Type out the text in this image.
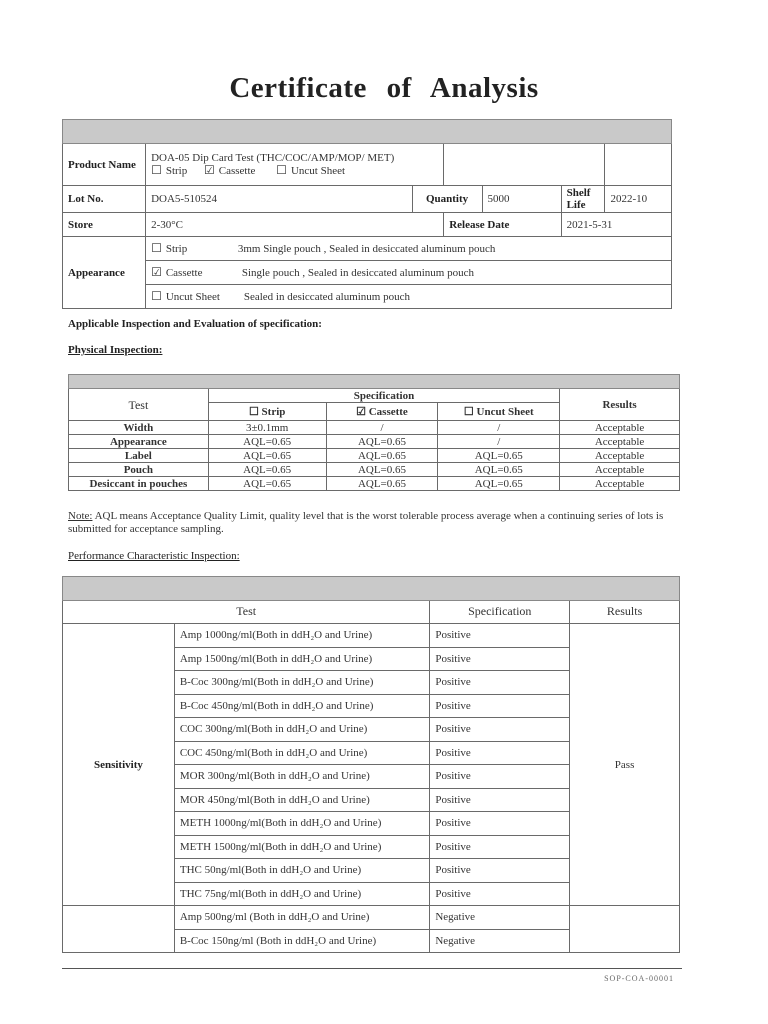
Certificate of Analysis

Product Name	DOA-05 Dip Card Test (THC/COC/AMP/MOP/ MET)
☐ Strip ☑ Cassette ☐ Uncut Sheet					

Lot No.	DOA5-510524	Quantity		5000	Shelf Life	2022-10
Store	2-30°C		Release Date		2021-5-31	
Appearance	☐ Strip 3mm Single pouch , Sealed in desiccated aluminum pouch					
	☑ Cassette Single pouch , Sealed in desiccated aluminum pouch					
	☐ Uncut Sheet Sealed in desiccated aluminum pouch					
Applicable Inspection and Evaluation of specification:
Physical Inspection:

Test	Specification			Results
	☐ Strip	☑ Cassette	☐ Uncut Sheet	
Width	3±0.1mm	/	/	Acceptable
Appearance	AQL=0.65	AQL=0.65	/	Acceptable
Label	AQL=0.65	AQL=0.65	AQL=0.65	Acceptable
Pouch	AQL=0.65	AQL=0.65	AQL=0.65	Acceptable
Desiccant in pouches	AQL=0.65	AQL=0.65	AQL=0.65	Acceptable
Note: AQL means Acceptance Quality Limit, quality level that is the worst tolerable process average when a continuing series of lots is submitted for acceptance sampling.
Performance Characteristic Inspection:

Test		Specification	Results
Sensitivity	Amp 1000ng/ml(Both in ddH₂O and Urine)	Positive	Pass
	Amp 1500ng/ml(Both in ddH₂O and Urine)	Positive	
	B-Coc 300ng/ml(Both in ddH₂O and Urine)	Positive	
	B-Coc 450ng/ml(Both in ddH₂O and Urine)	Positive	
	COC 300ng/ml(Both in ddH₂O and Urine)	Positive	
	COC 450ng/ml(Both in ddH₂O and Urine)	Positive	
	MOR 300ng/ml(Both in ddH₂O and Urine)	Positive	
	MOR 450ng/ml(Both in ddH₂O and Urine)	Positive	
	METH 1000ng/ml(Both in ddH₂O and Urine)	Positive	
	METH 1500ng/ml(Both in ddH₂O and Urine)	Positive	
	THC 50ng/ml(Both in ddH₂O and Urine)	Positive	
	THC 75ng/ml(Both in ddH₂O and Urine)	Positive	
	Amp 500ng/ml (Both in ddH₂O and Urine)	Negative	
	B-Coc 150ng/ml (Both in ddH₂O and Urine)	Negative	
SOP-COA-00001
